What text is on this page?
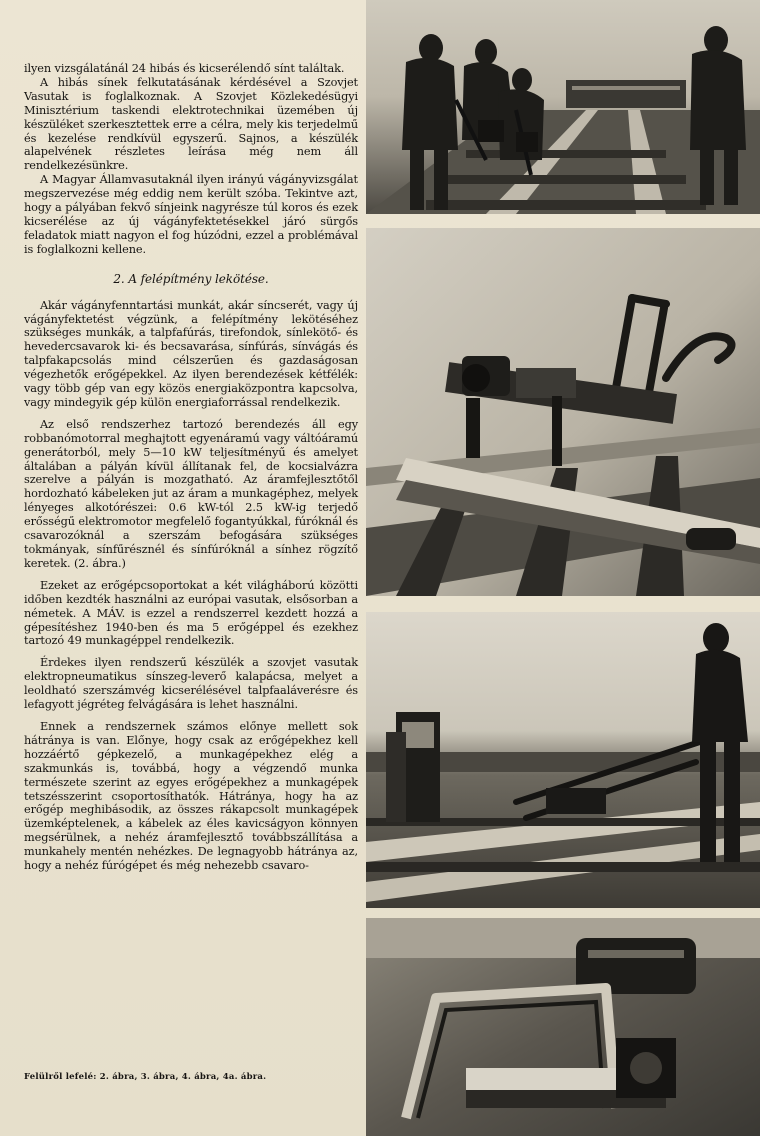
ilyen vizsgálatánál 24 hibás és kicserélendő sínt találtak.

A hibás sínek felkutatásának kérdésével a Szovjet Vasutak is foglalkoznak. A Szovjet Közlekedésügyi Minisztérium taskendi elektrotechnikai üzemében új készüléket szerkesztettek erre a célra, mely kis terjedelmű és kezelése rendkívül egyszerű. Sajnos, a készülék alapelvének részletes leírása még nem áll rendelkezésünkre.

A Magyar Államvasutaknál ilyen irányú vágányvizsgálat megszervezése még eddig nem került szóba. Tekintve azt, hogy a pályában fekvő sínjeink nagyrésze túl koros és ezek kicserélése az új vágányfektetésekkel járó sürgős feladatok miatt nagyon el fog húzódni, ezzel a problémával is foglalkozni kellene.

2. A felépítmény lekötése.

Akár vágányfenntartási munkát, akár síncserét, vagy új vágányfektetést végzünk, a felépítmény lekötéséhez szükséges munkák, a talpfafúrás, tirefondok, sínlekötő- és hevedercsavarok ki- és becsavarása, sínfúrás, sínvágás és talpfakapcsolás mind célszerűen és gazdaságosan végezhetők erőgépekkel. Az ilyen berendezések kétfélék: vagy több gép van egy közös energiaközpontra kapcsolva, vagy mindegyik gép külön energiaforrással rendelkezik.

Az első rendszerhez tartozó berendezés áll egy robbanómotorral meghajtott egyenáramú vagy váltóáramú generátorból, mely 5—10 kW teljesítményű és amelyet általában a pályán kívül állítanak fel, de kocsialvázra szerelve a pályán is mozgatható. Az áramfejlesztőtől hordozható kábeleken jut az áram a munkagéphez, melyek lényeges alkotórészei: 0.6 kW-tól 2.5 kW-ig terjedő erősségű elektromotor megfelelő fogantyúkkal, fúróknál és csavarozóknál a szerszám befogására szükséges tokmányak, sínfűrésznél és sínfúróknál a sínhez rögzítő keretek. (2. ábra.)

Ezeket az erőgépcsoportokat a két világháború közötti időben kezdték használni az európai vasutak, elsősorban a németek. A MÁV. is ezzel a rendszerrel kezdett hozzá a gépesítéshez 1940-ben és ma 5 erőgéppel és ezekhez tartozó 49 munkagéppel rendelkezik.

Érdekes ilyen rendszerű készülék a szovjet vasutak elektropneumatikus sínszeg-leverő kalapácsa, melyet a leoldható szerszámvég kicserélésével talpfaaláverésre és lefagyott jégréteg felvágására is lehet használni.

Ennek a rendszernek számos előnye mellett sok hátránya is van. Előnye, hogy csak az erőgépekhez kell hozzáértő gépkezelő, a munkagépekhez elég a szakmunkás is, továbbá, hogy a végzendő munka természete szerint az egyes erőgépekhez a munkagépek tetszésszerint csoportosíthatók. Hátránya, hogy ha az erőgép meghibásodik, az összes rákapcsolt munkagépek üzemképtelenek, a kábelek az éles kavicságyon könnyen megsérülnek, a nehéz áramfejlesztő továbbszállítása a munkahely mentén nehézkes. De legnagyobb hátránya az, hogy a nehéz fúrógépet és még nehezebb csavaro-

Felülről lefelé: 2. ábra, 3. ábra, 4. ábra, 4a. ábra.
